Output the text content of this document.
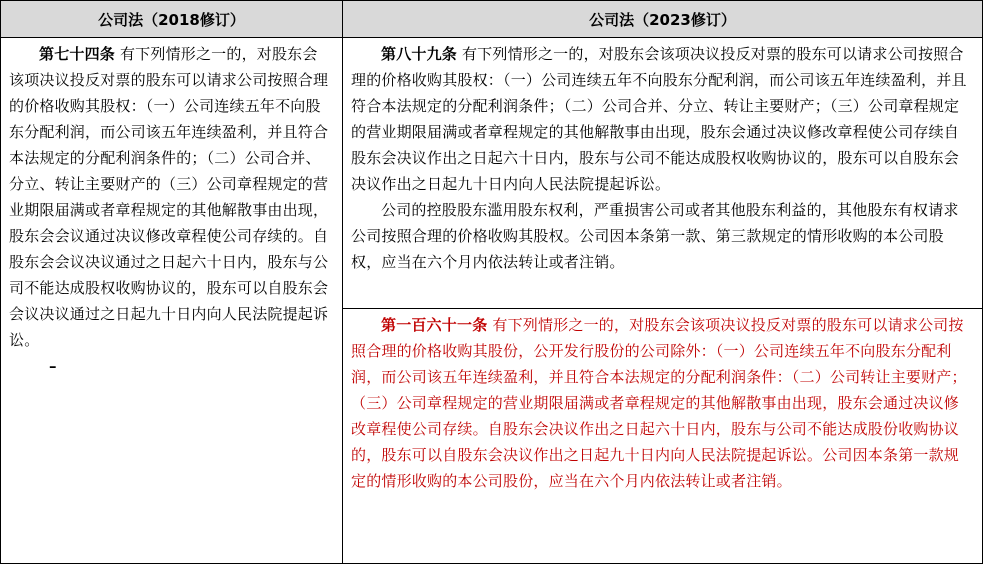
公司法（2018修订）	公司法（2023修订）

第七十四条 有下列情形之一的，对股东会该项决议投反对票的股东可以请求公司按照合理的价格收购其股权：（一）公司连续五年不向股东分配利润，而公司该五年连续盈利，并且符合本法规定的分配利润条件的；（二）公司合并、分立、转让主要财产的（三）公司章程规定的营业期限届满或者章程规定的其他解散事由出现，股东会会议通过决议修改章程使公司存续的。自股东会会议决议通过之日起六十日内，股东与公司不能达成股权收购协议的，股东可以自股东会会议决议通过之日起九十日内向人民法院提起诉讼。

–

第八十九条 有下列情形之一的，对股东会该项决议投反对票的股东可以请求公司按照合理的价格收购其股权：（一）公司连续五年不向股东分配利润，而公司该五年连续盈利，并且符合本法规定的分配利润条件；（二）公司合并、分立、转让主要财产；（三）公司章程规定的营业期限届满或者章程规定的其他解散事由出现，股东会通过决议修改章程使公司存续自股东会决议作出之日起六十日内，股东与公司不能达成股权收购协议的，股东可以自股东会决议作出之日起九十日内向人民法院提起诉讼。

公司的控股股东滥用股东权利，严重损害公司或者其他股东利益的，其他股东有权请求公司按照合理的价格收购其股权。公司因本条第一款、第三款规定的情形收购的本公司股权，应当在六个月内依法转让或者注销。

第一百六十一条 有下列情形之一的，对股东会该项决议投反对票的股东可以请求公司按照合理的价格收购其股份，公开发行股份的公司除外：（一）公司连续五年不向股东分配利润，而公司该五年连续盈利，并且符合本法规定的分配利润条件：（二）公司转让主要财产；（三）公司章程规定的营业期限届满或者章程规定的其他解散事由出现，股东会通过决议修改章程使公司存续。自股东会决议作出之日起六十日内，股东与公司不能达成股份收购协议的，股东可以自股东会决议作出之日起九十日内向人民法院提起诉讼。公司因本条第一款规定的情形收购的本公司股份，应当在六个月内依法转让或者注销。
